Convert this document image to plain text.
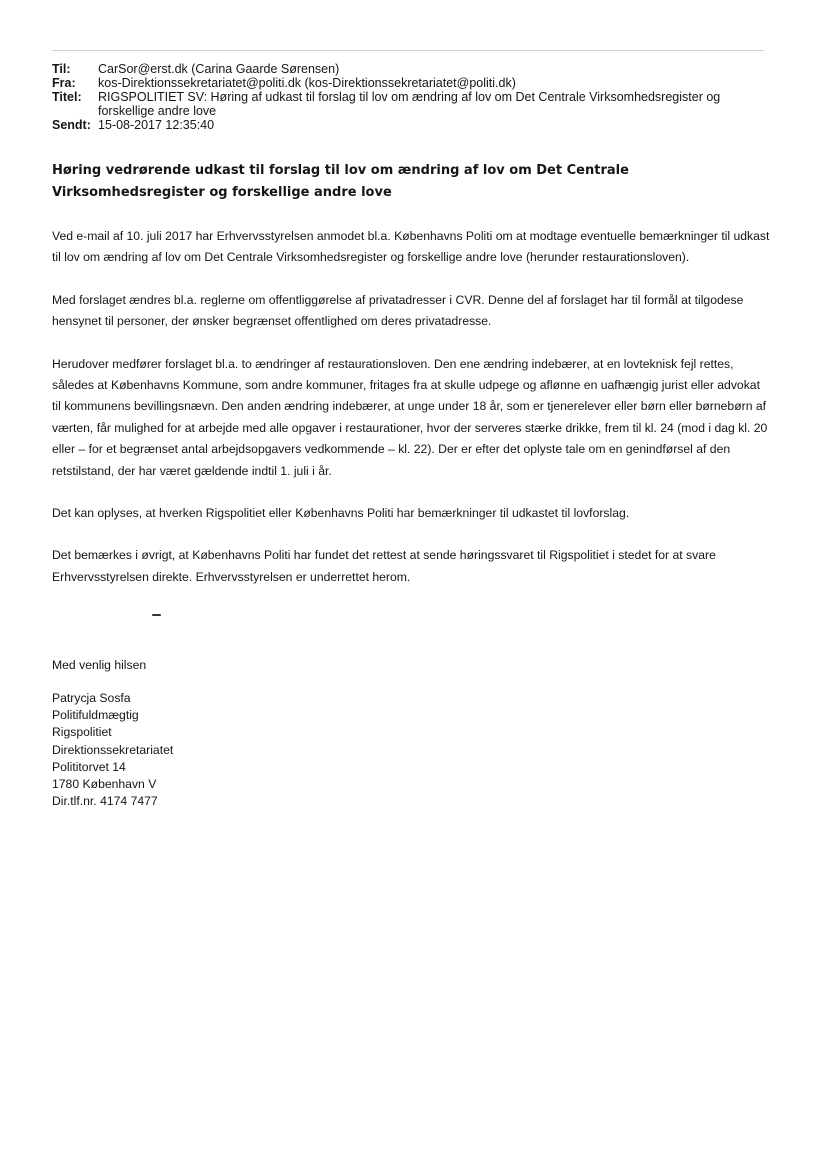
Til:	CarSor@erst.dk (Carina Gaarde Sørensen)
Fra:	kos-Direktionssekretariatet@politi.dk (kos-Direktionssekretariatet@politi.dk)
Titel:	RIGSPOLITIET SV: Høring af udkast til forslag til lov om ændring af lov om Det Centrale Virksomhedsregister og forskellige andre love
Sendt: 15-08-2017 12:35:40
Høring vedrørende udkast til forslag til lov om ændring af lov om Det Centrale Virksomhedsregister og forskellige andre love

Ved e-mail af 10. juli 2017 har Erhvervsstyrelsen anmodet bl.a. Københavns Politi om at modtage eventuelle bemærkninger til udkast til lov om ændring af lov om Det Centrale Virksomhedsregister og forskellige andre love (herunder restaurationsloven).

Med forslaget ændres bl.a. reglerne om offentliggørelse af privatadresser i CVR. Denne del af forslaget har til formål at tilgodese hensynet til personer, der ønsker begrænset offentlighed om deres privatadresse.

Herudover medfører forslaget bl.a. to ændringer af restaurationsloven. Den ene ændring indebærer, at en lovteknisk fejl rettes, således at Københavns Kommune, som andre kommuner, fritages fra at skulle udpege og aflønne en uafhængig jurist eller advokat til kommunens bevillingsnævn. Den anden ændring indebærer, at unge under 18 år, som er tjenerelever eller børn eller børnebørn af værten, får mulighed for at arbejde med alle opgaver i restaurationer, hvor der serveres stærke drikke, frem til kl. 24 (mod i dag kl. 20 eller – for et begrænset antal arbejdsopgavers vedkommende – kl. 22). Der er efter det oplyste tale om en genindførsel af den retstilstand, der har været gældende indtil 1. juli i år.

Det kan oplyses, at hverken Rigspolitiet eller Københavns Politi har bemærkninger til udkastet til lovforslag.

Det bemærkes i øvrigt, at Københavns Politi har fundet det rettest at sende høringssvaret til Rigspolitiet i stedet for at svare Erhvervsstyrelsen direkte. Erhvervsstyrelsen er underrettet herom.

Med venlig hilsen
Patrycja Sosfa
Politifuldmægtig
Rigspolitiet
Direktionssekretariatet
Polititorvet 14
1780 København V
Dir.tlf.nr. 4174 7477
